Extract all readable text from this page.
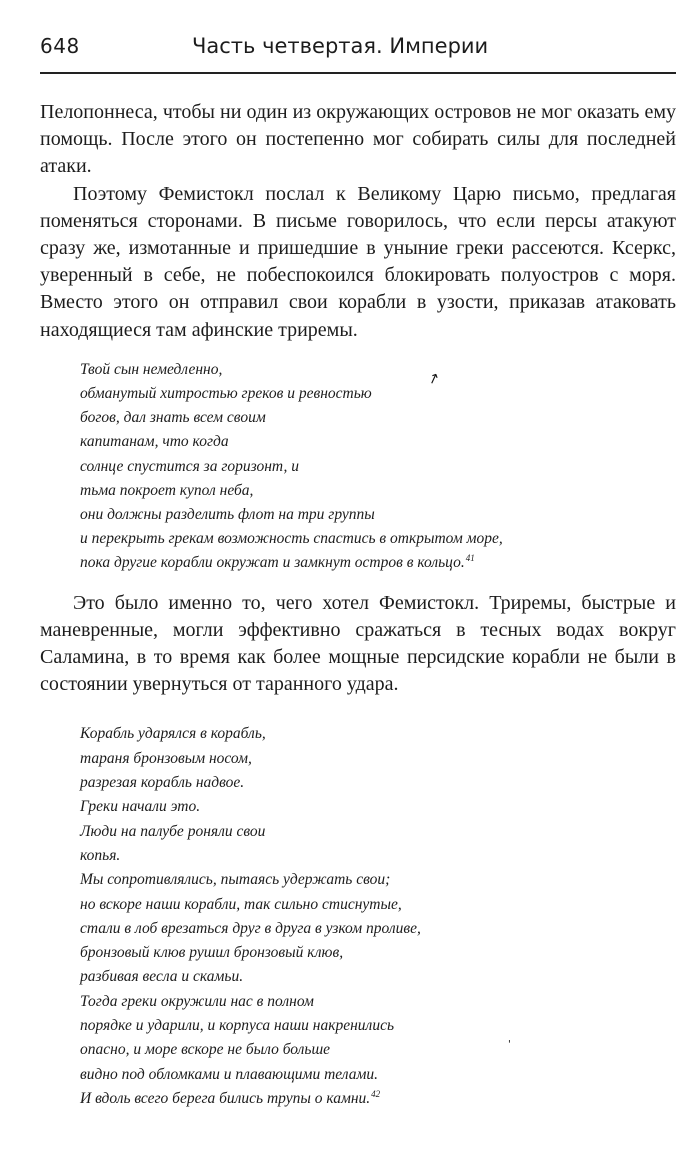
648	Часть четвертая. Империи

Пелопоннеса, чтобы ни один из окружающих островов не мог оказать ему помощь. После этого он постепенно мог собирать силы для последней атаки.

Поэтому Фемистокл послал к Великому Царю письмо, предлагая поменяться сторонами. В письме говорилось, что если персы атакуют сразу же, измотанные и пришедшие в уныние греки рассеются. Ксеркс, уверенный в себе, не побеспокоился блокировать полуостров с моря. Вместо этого он отправил свои корабли в узости, приказав атаковать находящиеся там афинские триремы.

Твой сын немедленно,
обманутый хитростью греков и ревностью
богов, дал знать всем своим
капитанам, что когда
солнце спустится за горизонт, и
тьма покроет купол неба,
они должны разделить флот на три группы
и перекрыть грекам возможность спастись в открытом море,
пока другие корабли окружат и замкнут остров в кольцо.$^{41}$

Это было именно то, чего хотел Фемистокл. Триремы, быстрые и маневренные, могли эффективно сражаться в тесных водах вокруг Саламина, в то время как более мощные персидские корабли не были в состоянии увернуться от таранного удара.

Корабль ударялся в корабль,
тараня бронзовым носом,
разрезая корабль надвое.
Греки начали это.
Люди на палубе роняли свои
копья.
Мы сопротивлялись, пытаясь удержать свои;
но вскоре наши корабли, так сильно стиснутые,
стали в лоб врезаться друг в друга в узком проливе,
бронзовый клюв рушил бронзовый клюв,
разбивая весла и скамьи.
Тогда греки окружили нас в полном
порядке и ударили, и корпуса наши накренились
опасно, и море вскоре не было больше
видно под обломками и плавающими телами.
И вдоль всего берега бились трупы о камни.$^{42}$
↗
'
